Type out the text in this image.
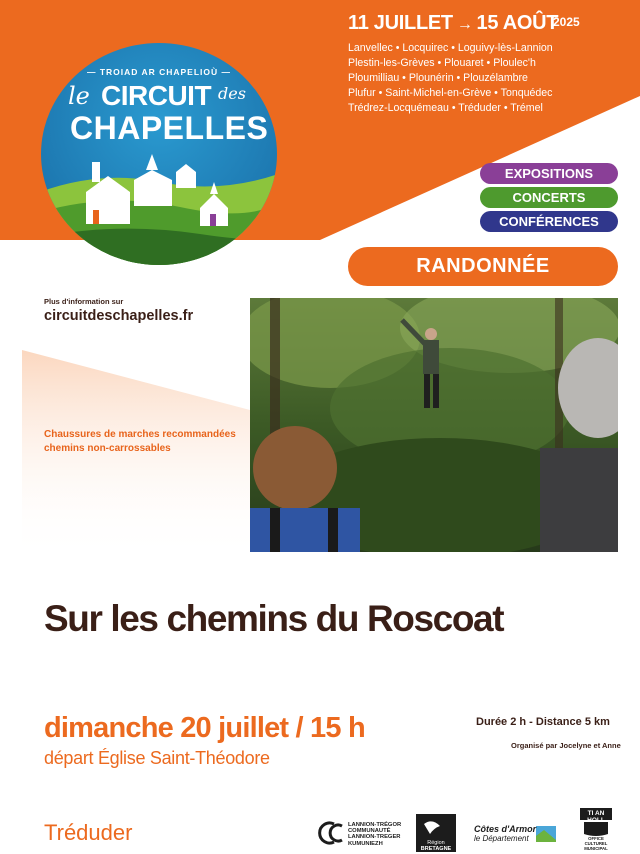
11 JUILLET → 15 AOÛT
2025
Lanvellec • Locquirec • Loguivy-lès-Lannion
Plestin-les-Grèves • Plouaret • Ploulec'h
Ploumilliau • Plounérin • Plouzélambre
Plufur • Saint-Michel-en-Grève • Tonquédec
Trédrez-Locquémeau • Tréduder • Trémel
— TROIAD AR CHAPELIOÙ —
le CIRCUIT des
CHAPELLES
EXPOSITIONS
CONCERTS
CONFÉRENCES
RANDONNÉE
Plus d'information sur
circuitdeschapelles.fr
Chaussures de marches recommandées
chemins non-carrossables
Sur les chemins du Roscoat
dimanche 20 juillet / 15 h
départ Église Saint-Théodore
Durée 2 h - Distance 5 km
Organisé par Jocelyne et Anne
Tréduder	LANNION-TRÉGOR
COMMUNAUTÉ
LANNION-TREGER
KUMUNIEZH	Région
BRETAGNE
Côtes d'Armor
le Département
TI AN HOLL
OFFICE
CULTUREL
MUNICIPAL
